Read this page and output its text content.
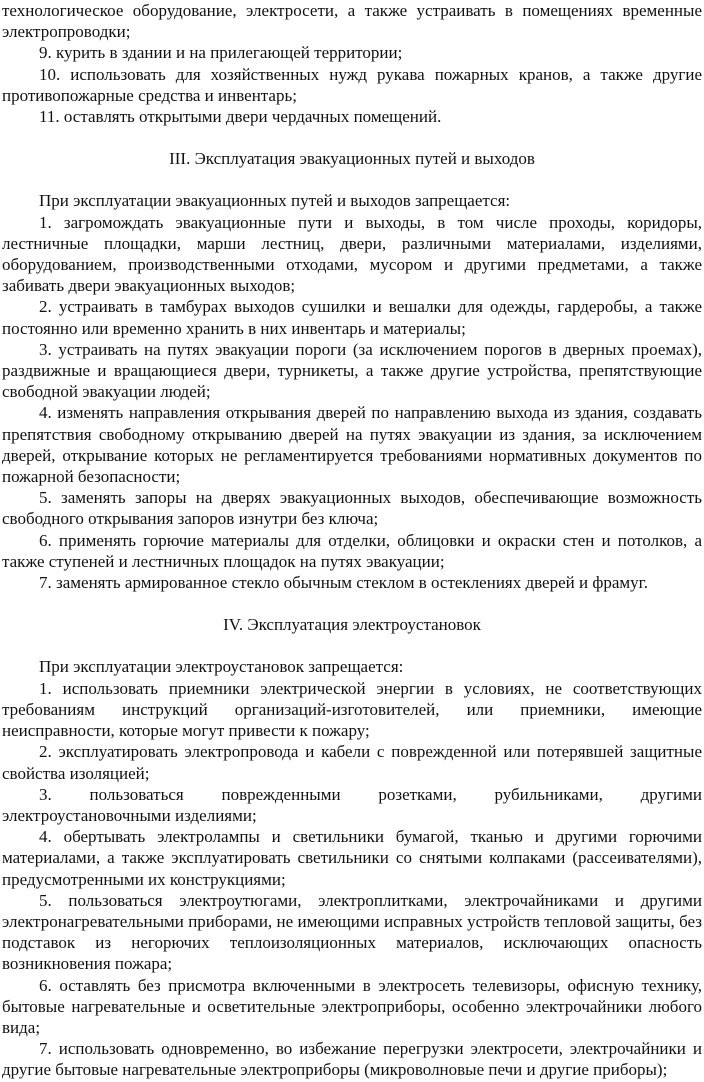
технологическое оборудование, электросети, а также устраивать в помещениях временные электропроводки;

9. курить в здании и на прилегающей территории;

10. использовать для хозяйственных нужд рукава пожарных кранов, а также другие противопожарные средства и инвентарь;

11. оставлять открытыми двери чердачных помещений.

III. Эксплуатация эвакуационных путей и выходов

При эксплуатации эвакуационных путей и выходов запрещается:

1. загромождать эвакуационные пути и выходы, в том числе проходы, коридоры, лестничные площадки, марши лестниц, двери, различными материалами, изделиями, оборудованием, производственными отходами, мусором и другими предметами, а также забивать двери эвакуационных выходов;

2. устраивать в тамбурах выходов сушилки и вешалки для одежды, гардеробы, а также постоянно или временно хранить в них инвентарь и материалы;

3. устраивать на путях эвакуации пороги (за исключением порогов в дверных проемах), раздвижные и вращающиеся двери, турникеты, а также другие устройства, препятствующие свободной эвакуации людей;

4. изменять направления открывания дверей по направлению выхода из здания, создавать препятствия свободному открыванию дверей на путях эвакуации из здания, за исключением дверей, открывание которых не регламентируется требованиями нормативных документов по пожарной безопасности;

5. заменять запоры на дверях эвакуационных выходов, обеспечивающие возможность свободного открывания запоров изнутри без ключа;

6. применять горючие материалы для отделки, облицовки и окраски стен и потолков, а также ступеней и лестничных площадок на путях эвакуации;

7. заменять армированное стекло обычным стеклом в остеклениях дверей и фрамуг.

IV. Эксплуатация электроустановок

При эксплуатации электроустановок запрещается:

1. использовать приемники электрической энергии в условиях, не соответствующих требованиям инструкций организаций-изготовителей, или приемники, имеющие неисправности, которые могут привести к пожару;

2. эксплуатировать электропровода и кабели с поврежденной или потерявшей защитные свойства изоляцией;

3. пользоваться поврежденными розетками, рубильниками, другими электроустановочными изделиями;

4. обертывать электролампы и светильники бумагой, тканью и другими горючими материалами, а также эксплуатировать светильники со снятыми колпаками (рассеивателями), предусмотренными их конструкциями;

5. пользоваться электроутюгами, электроплитками, электрочайниками и другими электронагревательными приборами, не имеющими исправных устройств тепловой защиты, без подставок из негорючих теплоизоляционных материалов, исключающих опасность возникновения пожара;

6. оставлять без присмотра включенными в электросеть телевизоры, офисную технику, бытовые нагревательные и осветительные электроприборы, особенно электрочайники любого вида;

7. использовать одновременно, во избежание перегрузки электросети, электрочайники и другие бытовые нагревательные электроприборы (микроволновые печи и другие приборы);
